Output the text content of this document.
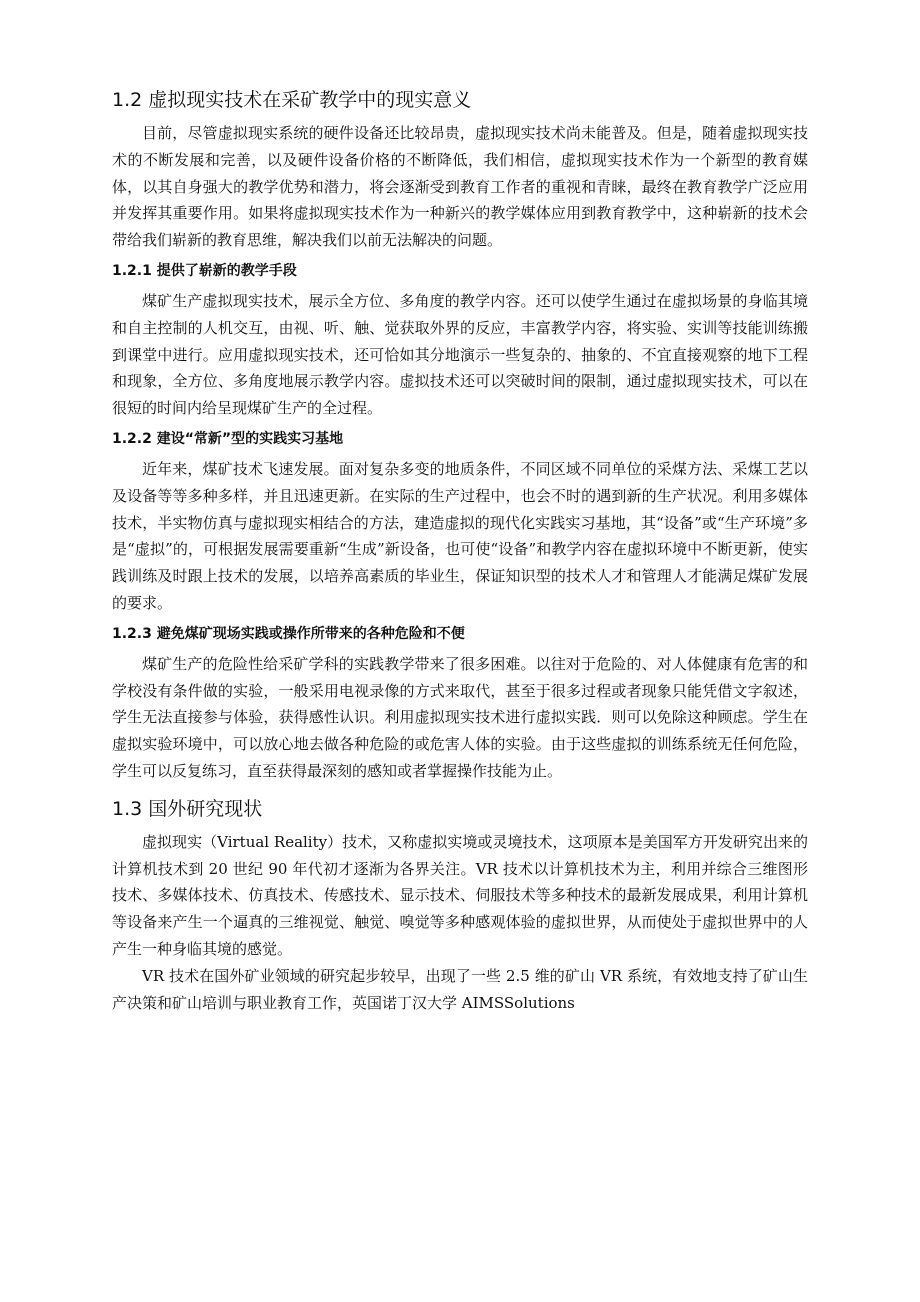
1.2 虚拟现实技术在采矿教学中的现实意义

目前，尽管虚拟现实系统的硬件设备还比较昂贵，虚拟现实技术尚未能普及。但是，随着虚拟现实技术的不断发展和完善，以及硬件设备价格的不断降低，我们相信，虚拟现实技术作为一个新型的教育媒体，以其自身强大的教学优势和潜力，将会逐渐受到教育工作者的重视和青睐，最终在教育教学广泛应用并发挥其重要作用。如果将虚拟现实技术作为一种新兴的教学媒体应用到教育教学中，这种崭新的技术会带给我们崭新的教育思维，解决我们以前无法解决的问题。

1.2.1 提供了崭新的教学手段

煤矿生产虚拟现实技术，展示全方位、多角度的教学内容。还可以使学生通过在虚拟场景的身临其境和自主控制的人机交互，由视、听、触、觉获取外界的反应，丰富教学内容，将实验、实训等技能训练搬到课堂中进行。应用虚拟现实技术，还可恰如其分地演示一些复杂的、抽象的、不宜直接观察的地下工程和现象，全方位、多角度地展示教学内容。虚拟技术还可以突破时间的限制，通过虚拟现实技术，可以在很短的时间内给呈现煤矿生产的全过程。

1.2.2 建设“常新”型的实践实习基地

近年来，煤矿技术飞速发展。面对复杂多变的地质条件，不同区域不同单位的采煤方法、采煤工艺以及设备等等多种多样，并且迅速更新。在实际的生产过程中，也会不时的遇到新的生产状况。利用多媒体技术，半实物仿真与虚拟现实相结合的方法，建造虚拟的现代化实践实习基地，其“设备”或“生产环境”多是“虚拟”的，可根据发展需要重新“生成”新设备，也可使“设备”和教学内容在虚拟环境中不断更新，使实践训练及时跟上技术的发展，以培养高素质的毕业生，保证知识型的技术人才和管理人才能满足煤矿发展的要求。

1.2.3 避免煤矿现场实践或操作所带来的各种危险和不便

煤矿生产的危险性给采矿学科的实践教学带来了很多困难。以往对于危险的、对人体健康有危害的和学校没有条件做的实验，一般采用电视录像的方式来取代，甚至于很多过程或者现象只能凭借文字叙述，学生无法直接参与体验，获得感性认识。利用虚拟现实技术进行虚拟实践．则可以免除这种顾虑。学生在虚拟实验环境中，可以放心地去做各种危险的或危害人体的实验。由于这些虚拟的训练系统无任何危险，学生可以反复练习，直至获得最深刻的感知或者掌握操作技能为止。

1.3 国外研究现状

虚拟现实（Virtual Reality）技术，又称虚拟实境或灵境技术，这项原本是美国军方开发研究出来的计算机技术到 20 世纪 90 年代初才逐渐为各界关注。VR 技术以计算机技术为主，利用并综合三维图形技术、多媒体技术、仿真技术、传感技术、显示技术、伺服技术等多种技术的最新发展成果，利用计算机等设备来产生一个逼真的三维视觉、触觉、嗅觉等多种感观体验的虚拟世界，从而使处于虚拟世界中的人产生一种身临其境的感觉。

VR 技术在国外矿业领域的研究起步较早，出现了一些 2.5 维的矿山 VR 系统，有效地支持了矿山生产决策和矿山培训与职业教育工作，英国诺丁汉大学 AIMSSolutions
